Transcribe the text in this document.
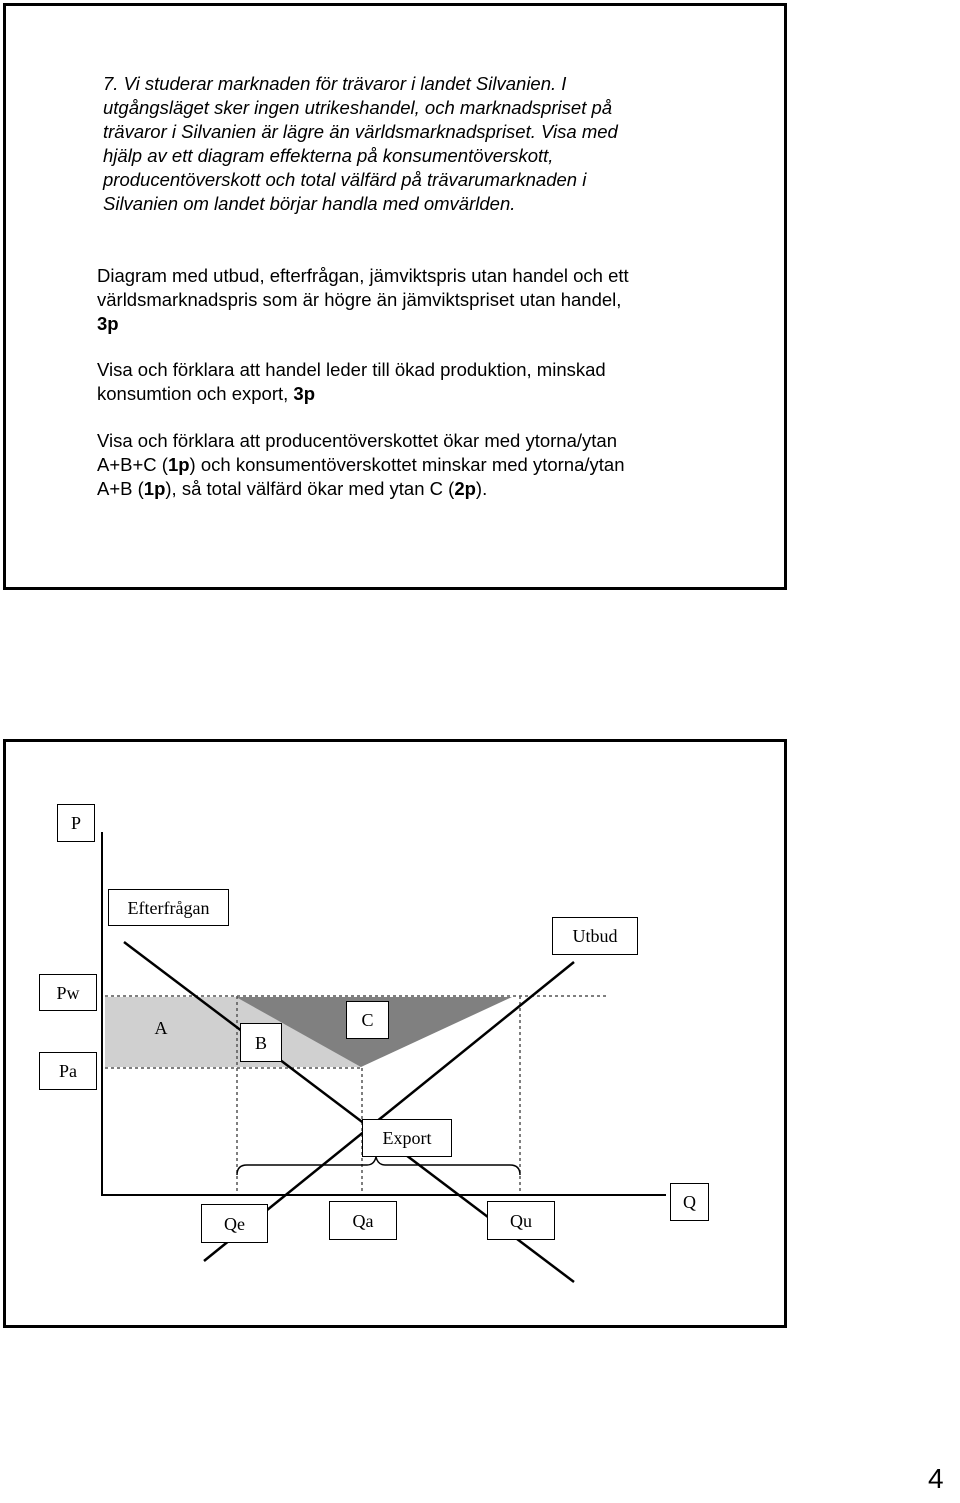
7. Vi studerar marknaden för trävaror i landet Silvanien. I
utgångsläget sker ingen utrikeshandel, och marknadspriset på
trävaror i Silvanien är lägre än världsmarknadspriset. Visa med
hjälp av ett diagram effekterna på konsumentöverskott,
producentöverskott och total välfärd på trävarumarknaden i
Silvanien om landet börjar handla med omvärlden.
Diagram med utbud, efterfrågan, jämviktspris utan handel och ett
världsmarknadspris som är högre än jämviktspriset utan handel,
3p
Visa och förklara att handel leder till ökad produktion, minskad
konsumtion och export, 3p
Visa och förklara att producentöverskottet ökar med ytorna/ytan
A+B+C (1p) och konsumentöverskottet minskar med ytorna/ytan
A+B (1p), så total välfärd ökar med ytan C (2p).
P
Efterfrågan
Utbud
Pw
Pa
A
B
C
Export
Qe	Qa	Qu
Q
4
